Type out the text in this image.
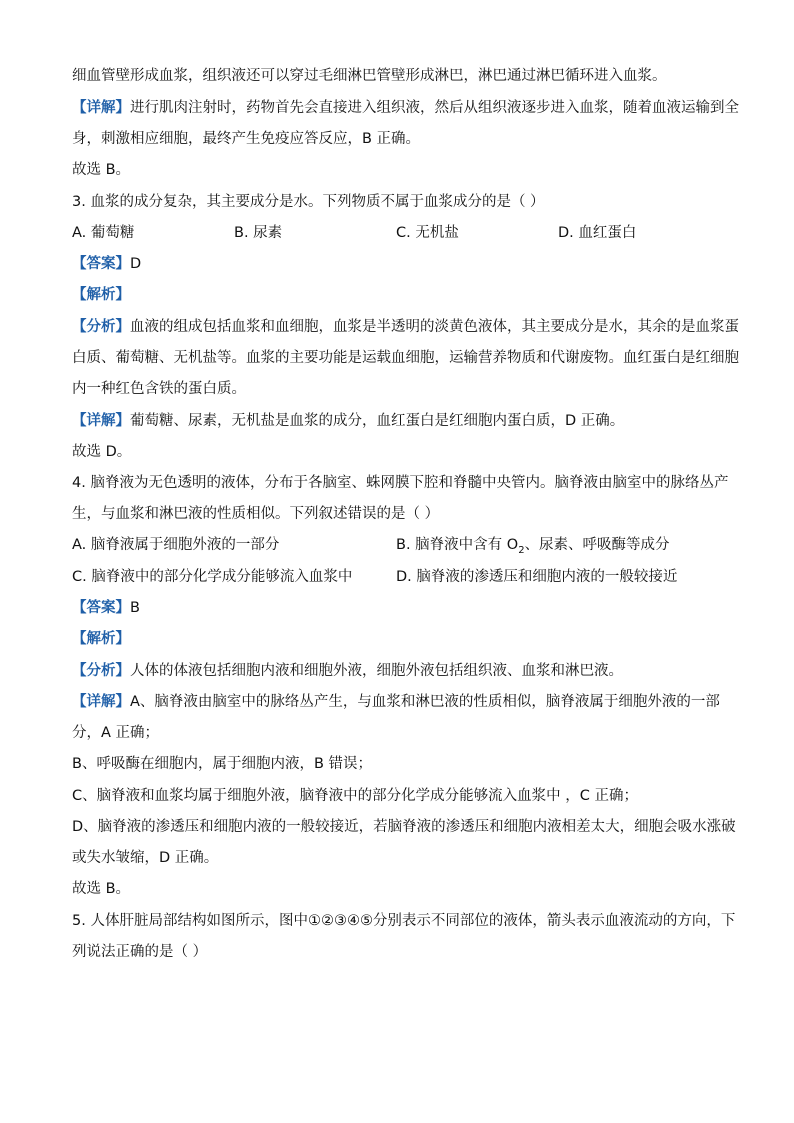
细血管壁形成血浆，组织液还可以穿过毛细淋巴管壁形成淋巴，淋巴通过淋巴循环进入血浆。
【详解】进行肌肉注射时，药物首先会直接进入组织液，然后从组织液逐步进入血浆，随着血液运输到全
身，刺激相应细胞，最终产生免疫应答反应，B 正确。
故选 B。
3. 血浆的成分复杂，其主要成分是水。下列物质不属于血浆成分的是（ ）
A. 葡萄糖	B. 尿素	C. 无机盐	D. 血红蛋白
【答案】D
【解析】
【分析】血液的组成包括血浆和血细胞，血浆是半透明的淡黄色液体，其主要成分是水，其余的是血浆蛋
白质、葡萄糖、无机盐等。血浆的主要功能是运载血细胞，运输营养物质和代谢废物。血红蛋白是红细胞
内一种红色含铁的蛋白质。
【详解】葡萄糖、尿素，无机盐是血浆的成分，血红蛋白是红细胞内蛋白质，D 正确。
故选 D。
4. 脑脊液为无色透明的液体，分布于各脑室、蛛网膜下腔和脊髓中央管内。脑脊液由脑室中的脉络丛产
生，与血浆和淋巴液的性质相似。下列叙述错误的是（ ）
A. 脑脊液属于细胞外液的一部分	B. 脑脊液中含有 $O_2$、尿素、呼吸酶等成分
C. 脑脊液中的部分化学成分能够流入血浆中	D. 脑脊液的渗透压和细胞内液的一般较接近
【答案】B
【解析】
【分析】人体的体液包括细胞内液和细胞外液，细胞外液包括组织液、血浆和淋巴液。
【详解】A、脑脊液由脑室中的脉络丛产生，与血浆和淋巴液的性质相似，脑脊液属于细胞外液的一部
分，A 正确；
B、呼吸酶在细胞内，属于细胞内液，B 错误；
C、脑脊液和血浆均属于细胞外液，脑脊液中的部分化学成分能够流入血浆中 ，C 正确；
D、脑脊液的渗透压和细胞内液的一般较接近，若脑脊液的渗透压和细胞内液相差太大，细胞会吸水涨破
或失水皱缩，D 正确。
故选 B。
5. 人体肝脏局部结构如图所示，图中①②③④⑤分别表示不同部位的液体，箭头表示血液流动的方向，下
列说法正确的是（ ）
